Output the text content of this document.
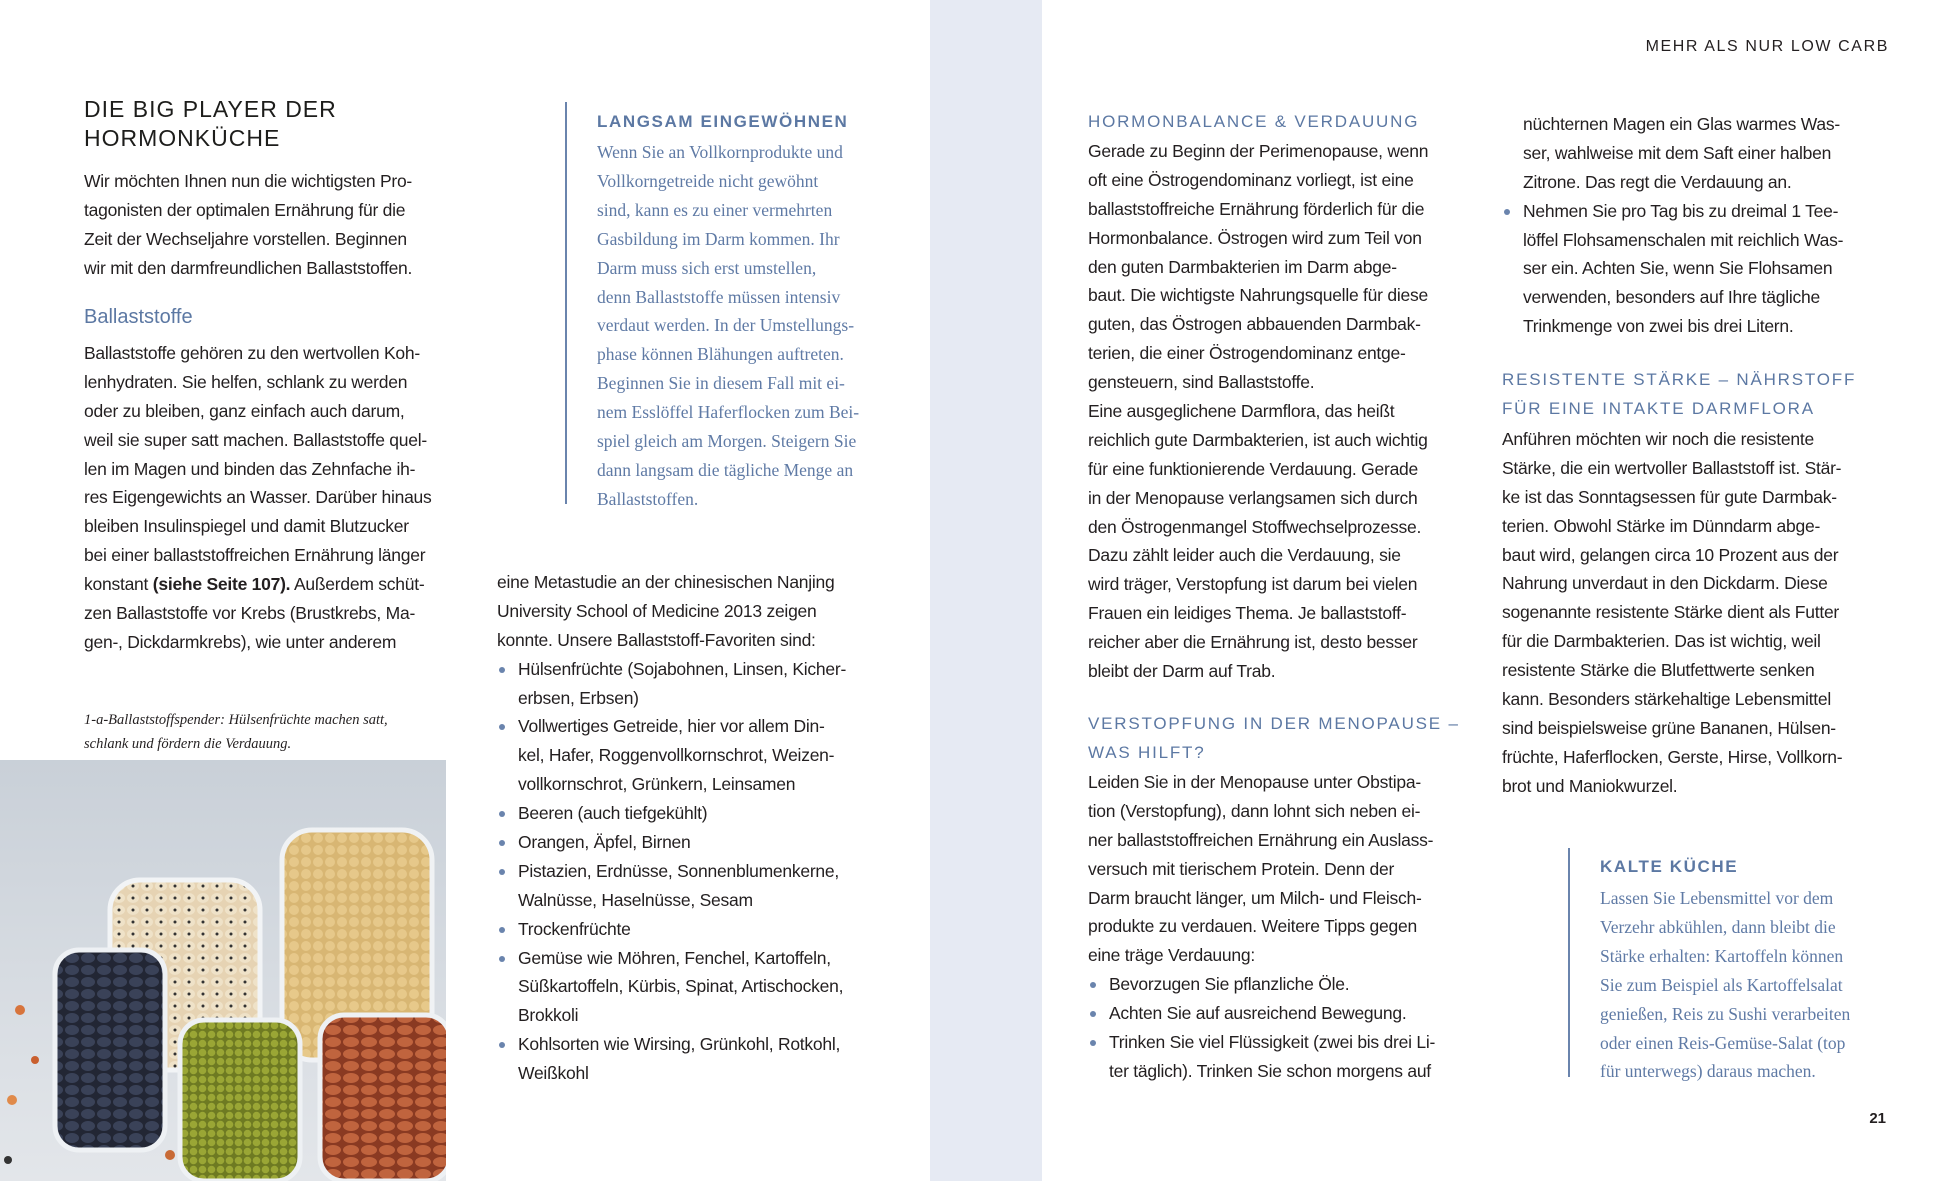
MEHR ALS NUR LOW CARB
21
DIE BIG PLAYER DER
HORMONKÜCHE
Wir möchten Ihnen nun die wichtigsten Pro-
tagonisten der optimalen Ernährung für die
Zeit der Wechseljahre vorstellen. Beginnen
wir mit den darmfreundlichen Ballaststoffen.
Ballaststoffe
Ballaststoffe gehören zu den wertvollen Koh-
lenhydraten. Sie helfen, schlank zu werden
oder zu bleiben, ganz einfach auch darum,
weil sie super satt machen. Ballaststoffe quel-
len im Magen und binden das Zehnfache ih-
res Eigengewichts an Wasser. Darüber hinaus
bleiben Insulinspiegel und damit Blutzucker
bei einer ballaststoffreichen Ernährung länger
konstant (siehe Seite 107). Außerdem schüt-
zen Ballaststoffe vor Krebs (Brustkrebs, Ma-
gen-, Dickdarmkrebs), wie unter anderem
1-a-Ballaststoffspender: Hülsenfrüchte machen satt,
schlank und fördern die Verdauung.
LANGSAM EINGEWÖHNEN
Wenn Sie an Vollkornprodukte und
Vollkorngetreide nicht gewöhnt
sind, kann es zu einer vermehrten
Gasbildung im Darm kommen. Ihr
Darm muss sich erst umstellen,
denn Ballaststoffe müssen intensiv
verdaut werden. In der Umstellungs-
phase können Blähungen auftreten.
Beginnen Sie in diesem Fall mit ei-
nem Esslöffel Haferflocken zum Bei-
spiel gleich am Morgen. Steigern Sie
dann langsam die tägliche Menge an
Ballaststoffen.
eine Metastudie an der chinesischen Nanjing
University School of Medicine 2013 zeigen
konnte. Unsere Ballaststoff-Favoriten sind:
Hülsenfrüchte (Sojabohnen, Linsen, Kicher-
erbsen, Erbsen)
Vollwertiges Getreide, hier vor allem Din-
kel, Hafer, Roggenvollkornschrot, Weizen-
vollkornschrot, Grünkern, Leinsamen
Beeren (auch tiefgekühlt)
Orangen, Äpfel, Birnen
Pistazien, Erdnüsse, Sonnenblumenkerne,
Walnüsse, Haselnüsse, Sesam
Trockenfrüchte
Gemüse wie Möhren, Fenchel, Kartoffeln,
Süßkartoffeln, Kürbis, Spinat, Artischocken,
Brokkoli
Kohlsorten wie Wirsing, Grünkohl, Rotkohl,
Weißkohl
HORMONBALANCE & VERDAUUNG
Gerade zu Beginn der Perimenopause, wenn
oft eine Östrogendominanz vorliegt, ist eine
ballaststoffreiche Ernährung förderlich für die
Hormonbalance. Östrogen wird zum Teil von
den guten Darmbakterien im Darm abge-
baut. Die wichtigste Nahrungsquelle für diese
guten, das Östrogen abbauenden Darmbak-
terien, die einer Östrogendominanz entge-
gensteuern, sind Ballaststoffe.
Eine ausgeglichene Darmflora, das heißt
reichlich gute Darmbakterien, ist auch wichtig
für eine funktionierende Verdauung. Gerade
in der Menopause verlangsamen sich durch
den Östrogenmangel Stoffwechselprozesse.
Dazu zählt leider auch die Verdauung, sie
wird träger, Verstopfung ist darum bei vielen
Frauen ein leidiges Thema. Je ballaststoff-
reicher aber die Ernährung ist, desto besser
bleibt der Darm auf Trab.
VERSTOPFUNG IN DER MENOPAUSE –
WAS HILFT?
Leiden Sie in der Menopause unter Obstipa-
tion (Verstopfung), dann lohnt sich neben ei-
ner ballaststoffreichen Ernährung ein Auslass-
versuch mit tierischem Protein. Denn der
Darm braucht länger, um Milch- und Fleisch-
produkte zu verdauen. Weitere Tipps gegen
eine träge Verdauung:
Bevorzugen Sie pflanzliche Öle.
Achten Sie auf ausreichend Bewegung.
Trinken Sie viel Flüssigkeit (zwei bis drei Li-
ter täglich). Trinken Sie schon morgens auf
nüchternen Magen ein Glas warmes Was-
ser, wahlweise mit dem Saft einer halben
Zitrone. Das regt die Verdauung an.
Nehmen Sie pro Tag bis zu dreimal 1 Tee-
löffel Flohsamenschalen mit reichlich Was-
ser ein. Achten Sie, wenn Sie Flohsamen
verwenden, besonders auf Ihre tägliche
Trinkmenge von zwei bis drei Litern.
RESISTENTE STÄRKE – NÄHRSTOFF
FÜR EINE INTAKTE DARMFLORA
Anführen möchten wir noch die resistente
Stärke, die ein wertvoller Ballaststoff ist. Stär-
ke ist das Sonntagsessen für gute Darmbak-
terien. Obwohl Stärke im Dünndarm abge-
baut wird, gelangen circa 10 Prozent aus der
Nahrung unverdaut in den Dickdarm. Diese
sogenannte resistente Stärke dient als Futter
für die Darmbakterien. Das ist wichtig, weil
resistente Stärke die Blutfettwerte senken
kann. Besonders stärkehaltige Lebensmittel
sind beispielsweise grüne Bananen, Hülsen-
früchte, Haferflocken, Gerste, Hirse, Vollkorn-
brot und Maniokwurzel.
KALTE KÜCHE
Lassen Sie Lebensmittel vor dem
Verzehr abkühlen, dann bleibt die
Stärke erhalten: Kartoffeln können
Sie zum Beispiel als Kartoffelsalat
genießen, Reis zu Sushi verarbeiten
oder einen Reis-Gemüse-Salat (top
für unterwegs) daraus machen.
